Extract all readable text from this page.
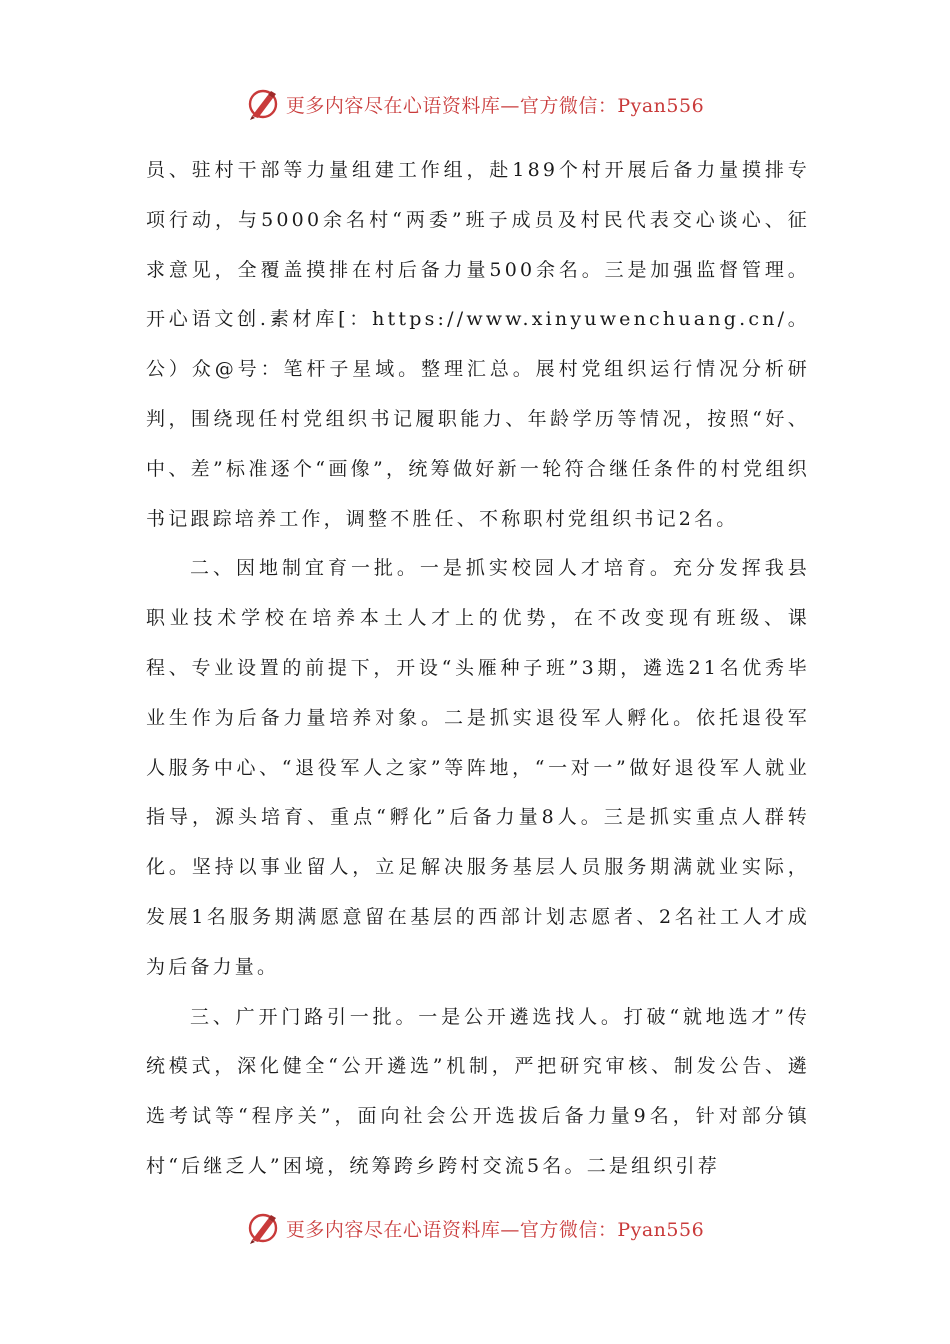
更多内容尽在心语资料库—官方微信：Pyan556

员、驻村干部等力量组建工作组，赴189个村开展后备力量摸排专项行动，与5000余名村“两委”班子成员及村民代表交心谈心、征求意见，全覆盖摸排在村后备力量500余名。三是加强监督管理。开心语文创.素材库[：https://www.xinyuwenchuang.cn/。公）众@号：笔杆子星域。整理汇总。展村党组织运行情况分析研判，围绕现任村党组织书记履职能力、年龄学历等情况，按照“好、中、差”标准逐个“画像”，统筹做好新一轮符合继任条件的村党组织书记跟踪培养工作，调整不胜任、不称职村党组织书记2名。

二、因地制宜育一批。一是抓实校园人才培育。充分发挥我县职业技术学校在培养本土人才上的优势，在不改变现有班级、课程、专业设置的前提下，开设“头雁种子班”3期，遴选21名优秀毕业生作为后备力量培养对象。二是抓实退役军人孵化。依托退役军人服务中心、“退役军人之家”等阵地，“一对一”做好退役军人就业指导，源头培育、重点“孵化”后备力量8人。三是抓实重点人群转化。坚持以事业留人，立足解决服务基层人员服务期满就业实际，发展1名服务期满愿意留在基层的西部计划志愿者、2名社工人才成为后备力量。

三、广开门路引一批。一是公开遴选找人。打破“就地选才”传统模式，深化健全“公开遴选”机制，严把研究审核、制发公告、遴选考试等“程序关”，面向社会公开选拔后备力量9名，针对部分镇村“后继乏人”困境，统筹跨乡跨村交流5名。二是组织引荐

更多内容尽在心语资料库—官方微信：Pyan556
